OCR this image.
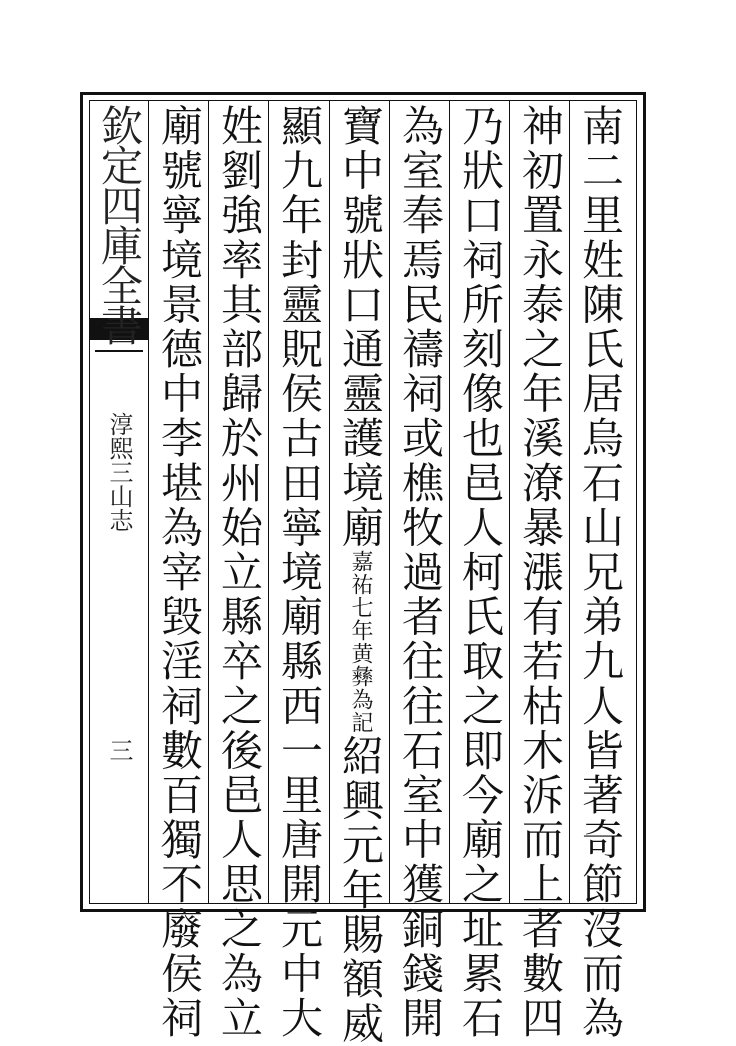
欽定四庫全書
淳熙三山志
三	南二里姓陳氏居烏石山兄弟九人皆著奇節沒而為
神初置永泰之年溪潦暴漲有若枯木泝而上者數四
乃狀口祠所刻像也邑人柯氏取之即今廟之址累石
為室奉焉民禱祠或樵牧過者往往石室中獲銅錢開
寶中號狀口通靈護境廟嘉祐七年黄彝為記紹興元年賜額威
顯九年封靈貺侯古田寧境廟縣西一里唐開元中大
姓劉強率其部歸於州始立縣卒之後邑人思之為立
廟號寧境景德中李堪為宰毀淫祠數百獨不廢侯祠
